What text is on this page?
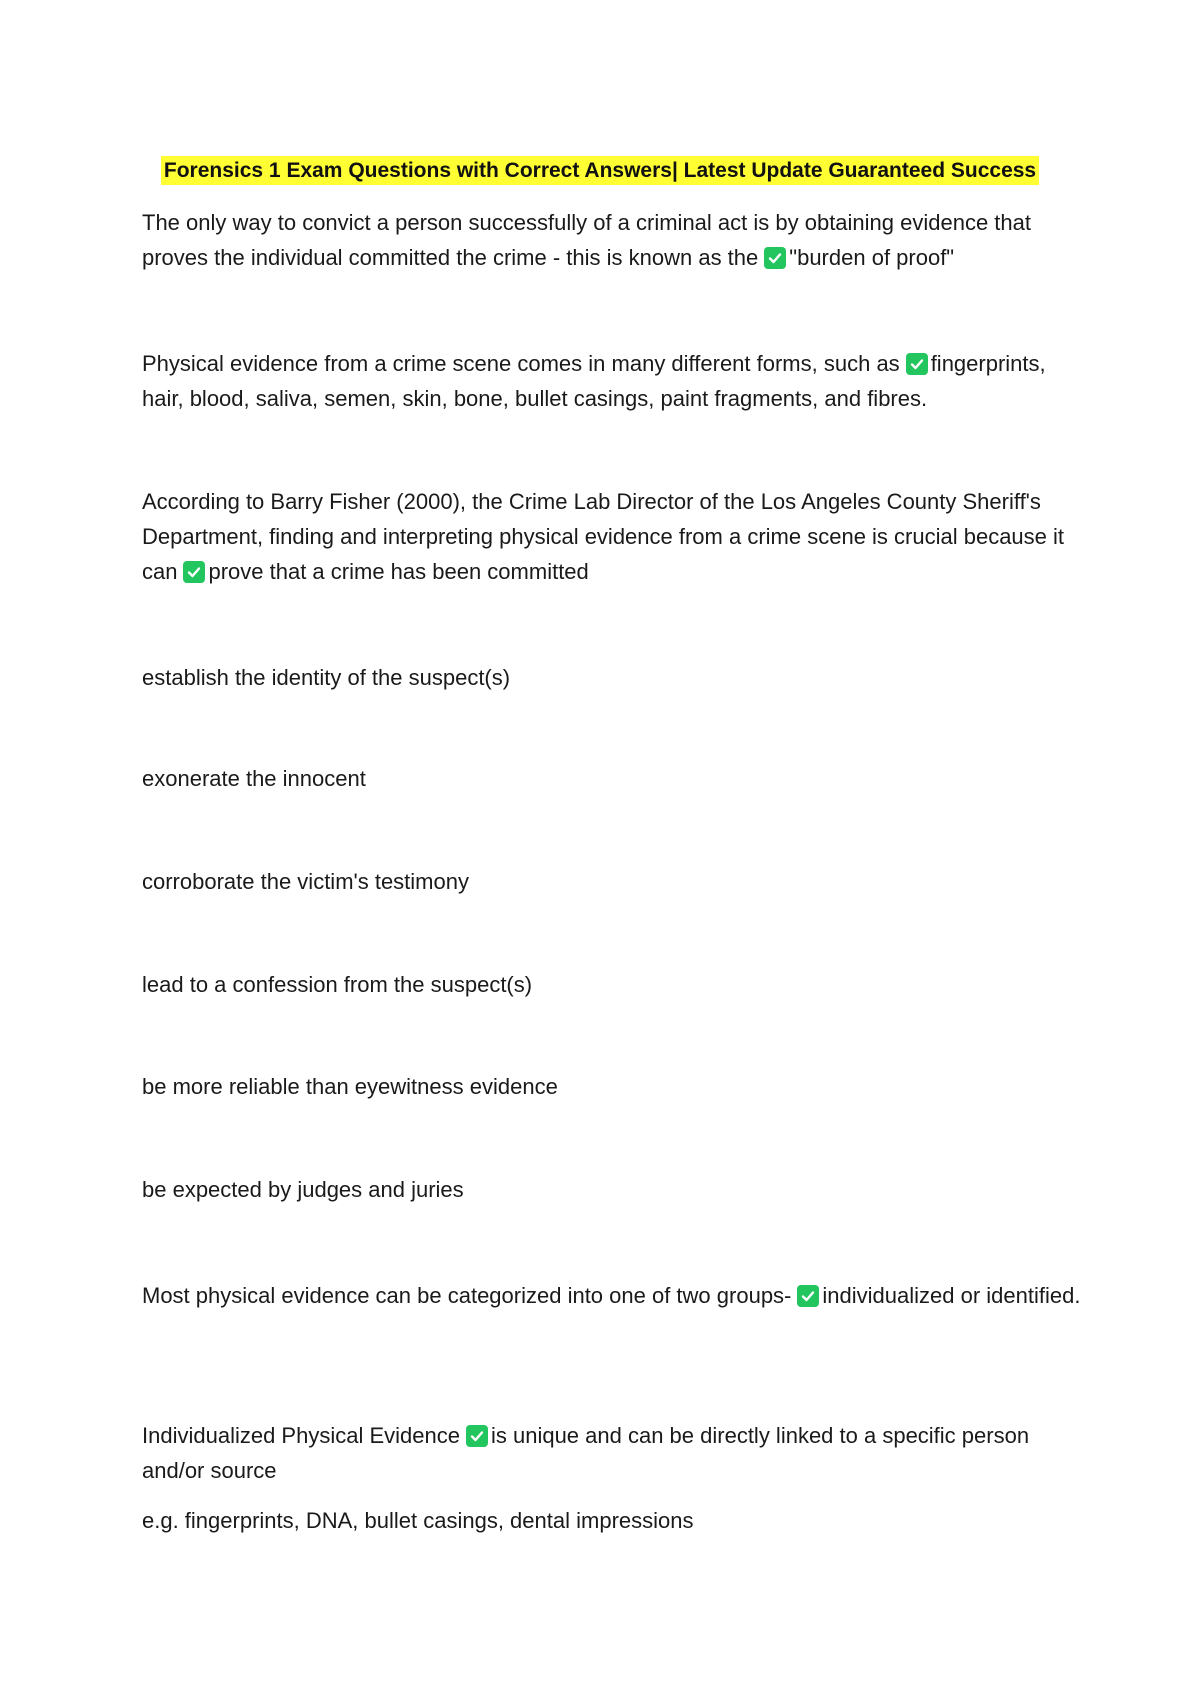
Forensics 1 Exam Questions with Correct Answers| Latest Update Guaranteed Success

The only way to convict a person successfully of a criminal act is by obtaining evidence that proves the individual committed the crime - this is known as the "burden of proof"

Physical evidence from a crime scene comes in many different forms, such as fingerprints, hair, blood, saliva, semen, skin, bone, bullet casings, paint fragments, and fibres.

According to Barry Fisher (2000), the Crime Lab Director of the Los Angeles County Sheriff's Department, finding and interpreting physical evidence from a crime scene is crucial because it can prove that a crime has been committed

establish the identity of the suspect(s)

exonerate the innocent

corroborate the victim's testimony

lead to a confession from the suspect(s)

be more reliable than eyewitness evidence

be expected by judges and juries

Most physical evidence can be categorized into one of two groups- individualized or identified.

Individualized Physical Evidence is unique and can be directly linked to a specific person and/or source

e.g. fingerprints, DNA, bullet casings, dental impressions
